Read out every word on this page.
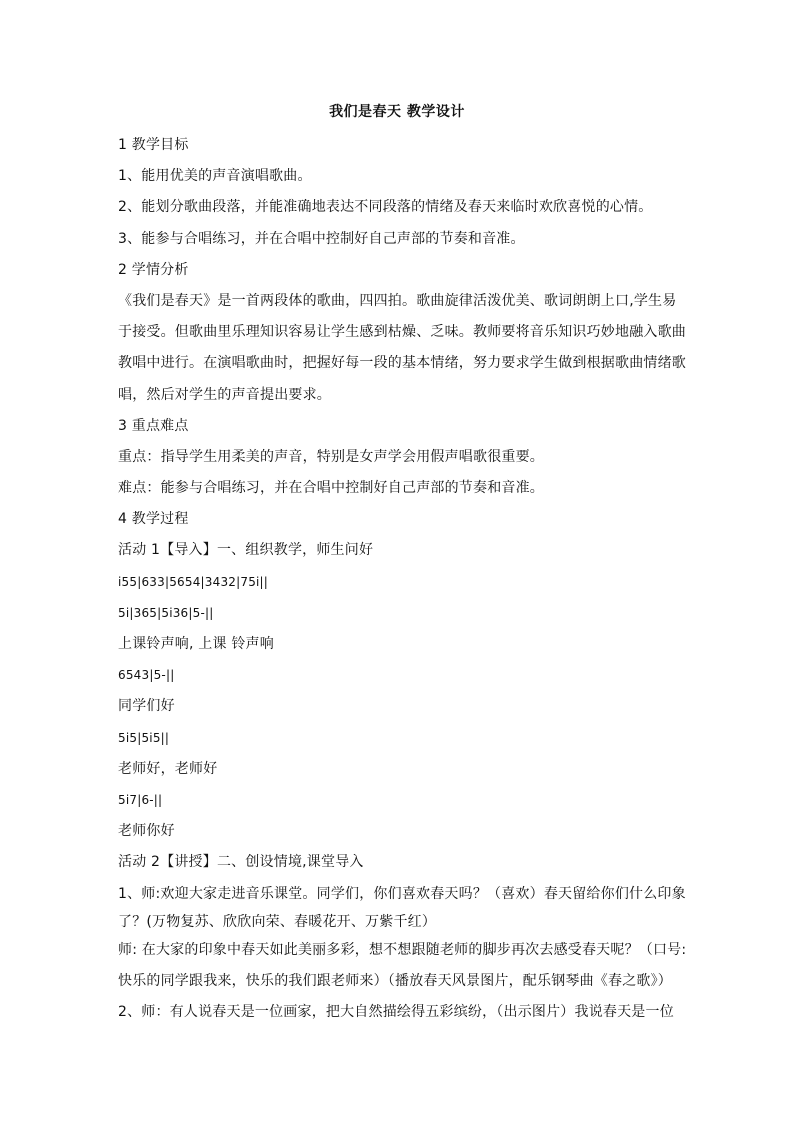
我们是春天 教学设计
1 教学目标
1、能用优美的声音演唱歌曲。
2、能划分歌曲段落，并能准确地表达不同段落的情绪及春天来临时欢欣喜悦的心情。
3、能参与合唱练习，并在合唱中控制好自己声部的节奏和音准。
2 学情分析
《我们是春天》是一首两段体的歌曲，四四拍。歌曲旋律活泼优美、歌词朗朗上口,学生易
于接受。但歌曲里乐理知识容易让学生感到枯燥、乏味。教师要将音乐知识巧妙地融入歌曲
教唱中进行。在演唱歌曲时，把握好每一段的基本情绪，努力要求学生做到根据歌曲情绪歌
唱，然后对学生的声音提出要求。
3 重点难点
重点：指导学生用柔美的声音，特别是女声学会用假声唱歌很重要。
难点：能参与合唱练习，并在合唱中控制好自己声部的节奏和音准。
4 教学过程
活动 1【导入】一、组织教学，师生问好
i55|633|5654|3432|75i||
5i|365|5i36|5-||
上课铃声响, 上课 铃声响
6543|5-||
同学们好
5i5|5i5||
老师好，老师好
5i7|6-||
老师你好
活动 2【讲授】二、创设情境,课堂导入
1、师:欢迎大家走进音乐课堂。同学们，你们喜欢春天吗？（喜欢）春天留给你们什么印象
了？(万物复苏、欣欣向荣、春暖花开、万紫千红）
师: 在大家的印象中春天如此美丽多彩，想不想跟随老师的脚步再次去感受春天呢？（口号:
快乐的同学跟我来，快乐的我们跟老师来）（播放春天风景图片，配乐钢琴曲《春之歌》）
2、师：有人说春天是一位画家，把大自然描绘得五彩缤纷，（出示图片）我说春天是一位
